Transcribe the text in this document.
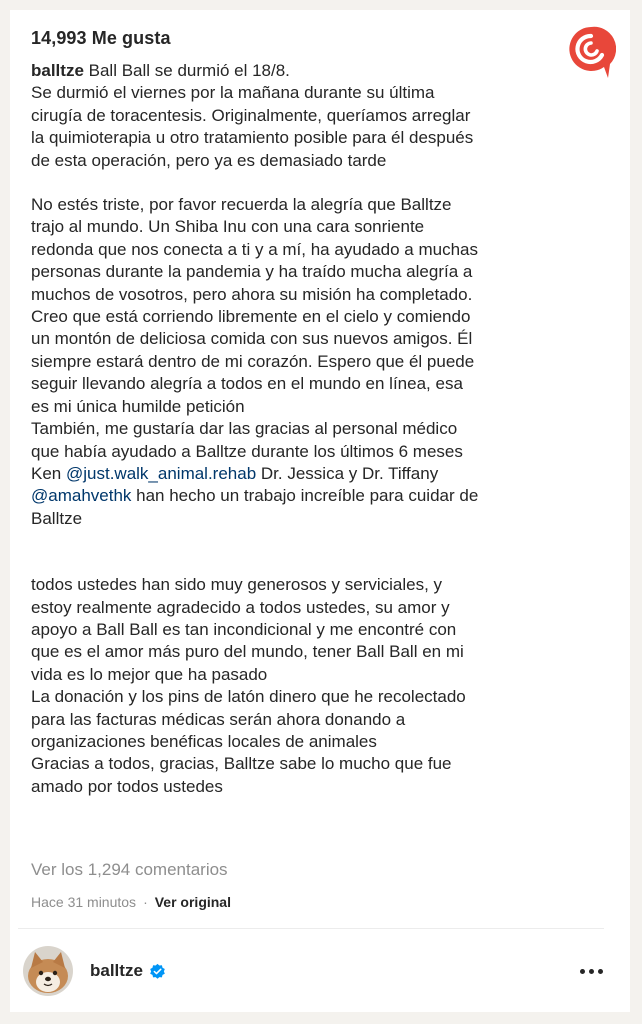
14,993 Me gusta

balltze Ball Ball se durmió el 18/8.
Se durmió el viernes por la mañana durante su última
cirugía de toracentesis. Originalmente, queríamos arreglar
la quimioterapia u otro tratamiento posible para él después
de esta operación, pero ya es demasiado tarde

No estés triste, por favor recuerda la alegría que Balltze
trajo al mundo. Un Shiba Inu con una cara sonriente
redonda que nos conecta a ti y a mí, ha ayudado a muchas
personas durante la pandemia y ha traído mucha alegría a
muchos de vosotros, pero ahora su misión ha completado.
Creo que está corriendo libremente en el cielo y comiendo
un montón de deliciosa comida con sus nuevos amigos. Él
siempre estará dentro de mi corazón. Espero que él puede
seguir llevando alegría a todos en el mundo en línea, esa
es mi única humilde petición

También, me gustaría dar las gracias al personal médico
que había ayudado a Balltze durante los últimos 6 meses
Ken @just.walk_animal.rehab Dr. Jessica y Dr. Tiffany
@amahvethk han hecho un trabajo increíble para cuidar de
Balltze

todos ustedes han sido muy generosos y serviciales, y
estoy realmente agradecido a todos ustedes, su amor y
apoyo a Ball Ball es tan incondicional y me encontré con
que es el amor más puro del mundo, tener Ball Ball en mi
vida es lo mejor que ha pasado

La donación y los pins de latón dinero que he recolectado
para las facturas médicas serán ahora donando a
organizaciones benéficas locales de animales

Gracias a todos, gracias, Balltze sabe lo mucho que fue
amado por todos ustedes

Ver los 1,294 comentarios
Hace 31 minutos · Ver original
balltze
